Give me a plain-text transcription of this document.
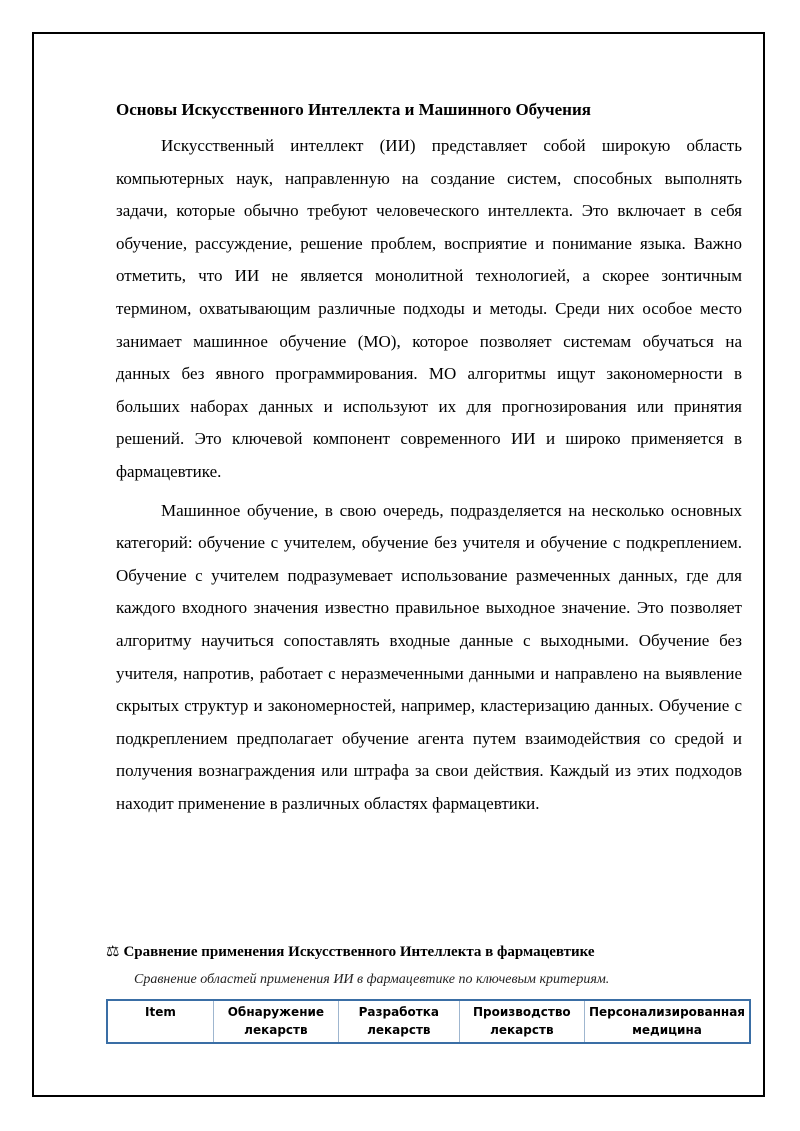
Основы Искусственного Интеллекта и Машинного Обучения

Искусственный интеллект (ИИ) представляет собой широкую область компьютерных наук, направленную на создание систем, способных выполнять задачи, которые обычно требуют человеческого интеллекта. Это включает в себя обучение, рассуждение, решение проблем, восприятие и понимание языка. Важно отметить, что ИИ не является монолитной технологией, а скорее зонтичным термином, охватывающим различные подходы и методы. Среди них особое место занимает машинное обучение (МО), которое позволяет системам обучаться на данных без явного программирования. МО алгоритмы ищут закономерности в больших наборах данных и используют их для прогнозирования или принятия решений. Это ключевой компонент современного ИИ и широко применяется в фармацевтике.

Машинное обучение, в свою очередь, подразделяется на несколько основных категорий: обучение с учителем, обучение без учителя и обучение с подкреплением. Обучение с учителем подразумевает использование размеченных данных, где для каждого входного значения известно правильное выходное значение. Это позволяет алгоритму научиться сопоставлять входные данные с выходными. Обучение без учителя, напротив, работает с неразмеченными данными и направлено на выявление скрытых структур и закономерностей, например, кластеризацию данных. Обучение с подкреплением предполагает обучение агента путем взаимодействия со средой и получения вознаграждения или штрафа за свои действия. Каждый из этих подходов находит применение в различных областях фармацевтики.

⚖ Сравнение применения Искусственного Интеллекта в фармацевтике
Сравнение областей применения ИИ в фармацевтике по ключевым критериям.
Item	Обнаружение лекарств	Разработка лекарств	Производство лекарств	Персонализированная медицина
